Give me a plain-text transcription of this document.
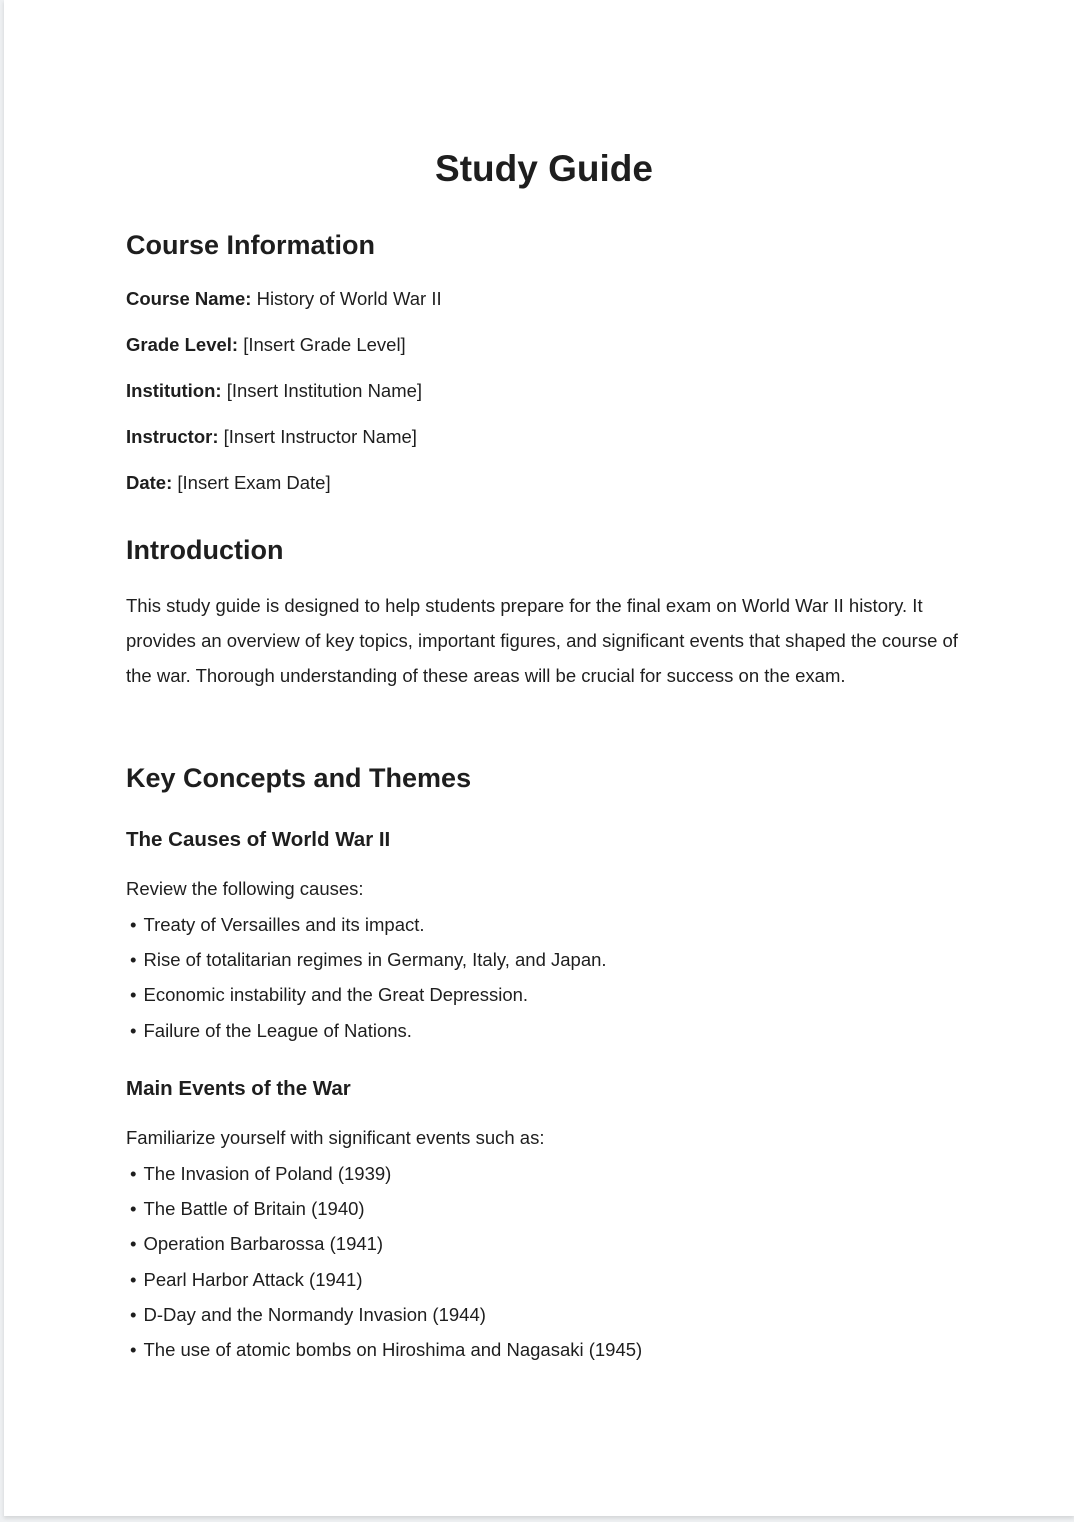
Study Guide
Course Information
Course Name: History of World War II
Grade Level: [Insert Grade Level]
Institution: [Insert Institution Name]
Instructor: [Insert Instructor Name]
Date: [Insert Exam Date]
Introduction
This study guide is designed to help students prepare for the final exam on World War II history. It provides an overview of key topics, important figures, and significant events that shaped the course of the war. Thorough understanding of these areas will be crucial for success on the exam.
Key Concepts and Themes
The Causes of World War II
Review the following causes:
• Treaty of Versailles and its impact.
• Rise of totalitarian regimes in Germany, Italy, and Japan.
• Economic instability and the Great Depression.
• Failure of the League of Nations.
Main Events of the War
Familiarize yourself with significant events such as:
• The Invasion of Poland (1939)
• The Battle of Britain (1940)
• Operation Barbarossa (1941)
• Pearl Harbor Attack (1941)
• D-Day and the Normandy Invasion (1944)
• The use of atomic bombs on Hiroshima and Nagasaki (1945)
